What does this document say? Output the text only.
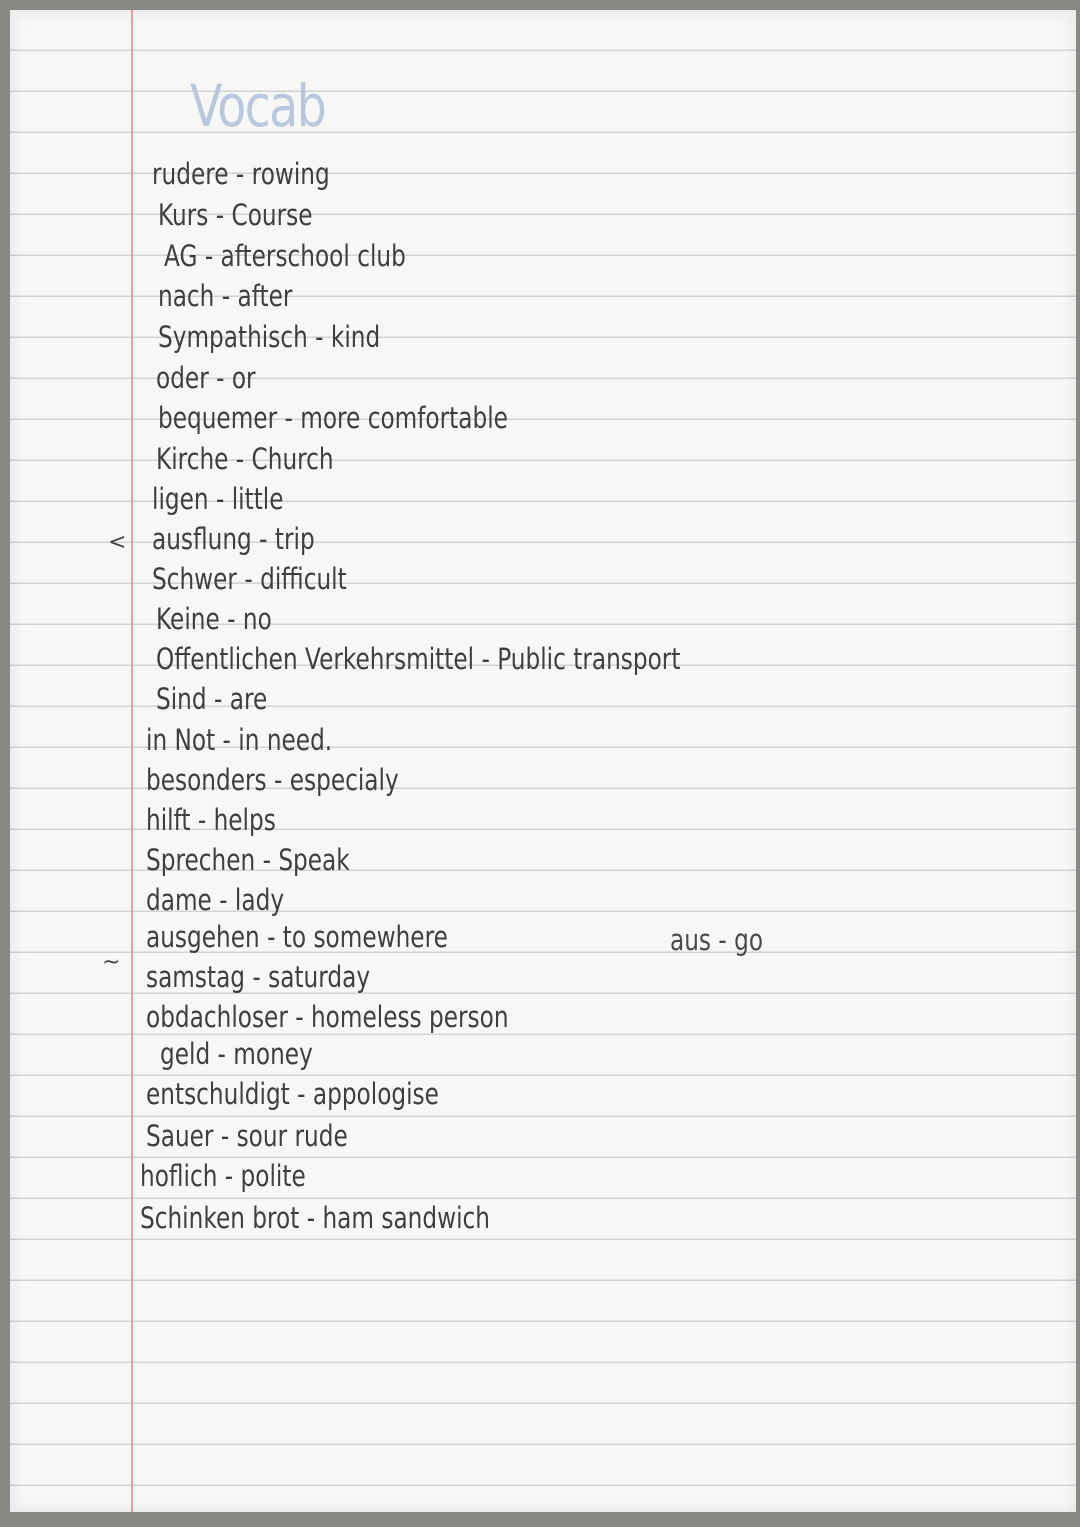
Vocab
rudere - rowing
Kurs - Course
AG - afterschool club
nach - after
Sympathisch - kind
oder - or
bequemer - more comfortable
Kirche - Church
ligen - little
ausflung - trip
Schwer - difficult
Keine - no
Offentlichen Verkehrsmittel - Public transport
Sind - are
in Not - in need.
besonders - especialy
hilft - helps
Sprechen - Speak
dame - lady
ausgehen - to somewhere
samstag - saturday
obdachloser - homeless person
geld - money
entschuldigt - appologise
Sauer - sour rude
hoflich - polite
Schinken brot - ham sandwich
aus - go
<
~
